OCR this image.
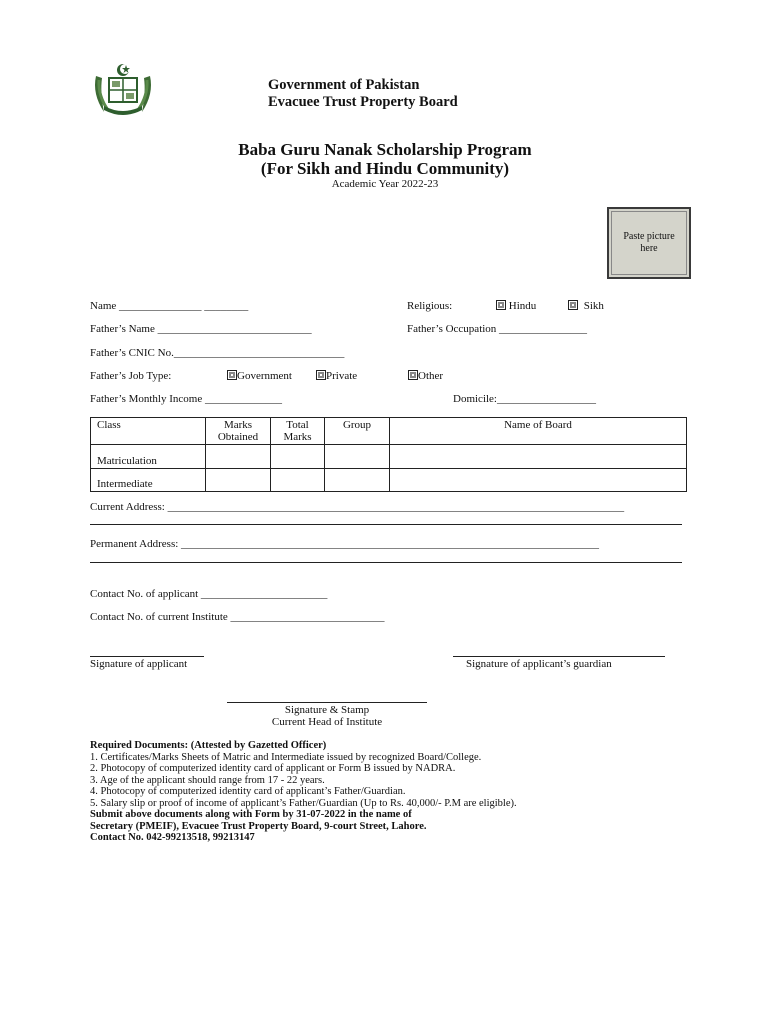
Government of Pakistan
Evacuee Trust Property Board
Baba Guru Nanak Scholarship Program
(For Sikh and Hindu Community)
Academic Year 2022-23
Paste picture here
Name _______________ ________	Religious:	Hindu	Sikh
Father’s Name ____________________________	Father’s Occupation ________________
Father’s CNIC No._______________________________
Father’s Job Type:	Government	Private	Other
Father’s Monthly Income ______________	Domicile:__________________
Class	Marks Obtained	Total Marks	Group	Name of Board
Matriculation				
Intermediate				
Current Address: ___________________________________________________________________________________
Permanent Address: ____________________________________________________________________________
Contact No. of applicant _______________________
Contact No. of current Institute ____________________________
Signature of applicant	Signature of applicant’s guardian
Signature & Stamp
Current Head of Institute
Required Documents: (Attested by Gazetted Officer)
1. Certificates/Marks Sheets of Matric and Intermediate issued by recognized Board/College.
2. Photocopy of computerized identity card of applicant or Form B issued by NADRA.
3. Age of the applicant should range from 17 - 22 years.
4. Photocopy of computerized identity card of applicant’s Father/Guardian.
5. Salary slip or proof of income of applicant’s Father/Guardian (Up to Rs. 40,000/- P.M are eligible).
Submit above documents along with Form by 31-07-2022 in the name of
Secretary (PMEIF), Evacuee Trust Property Board, 9-court Street, Lahore.
Contact No. 042-99213518, 99213147
